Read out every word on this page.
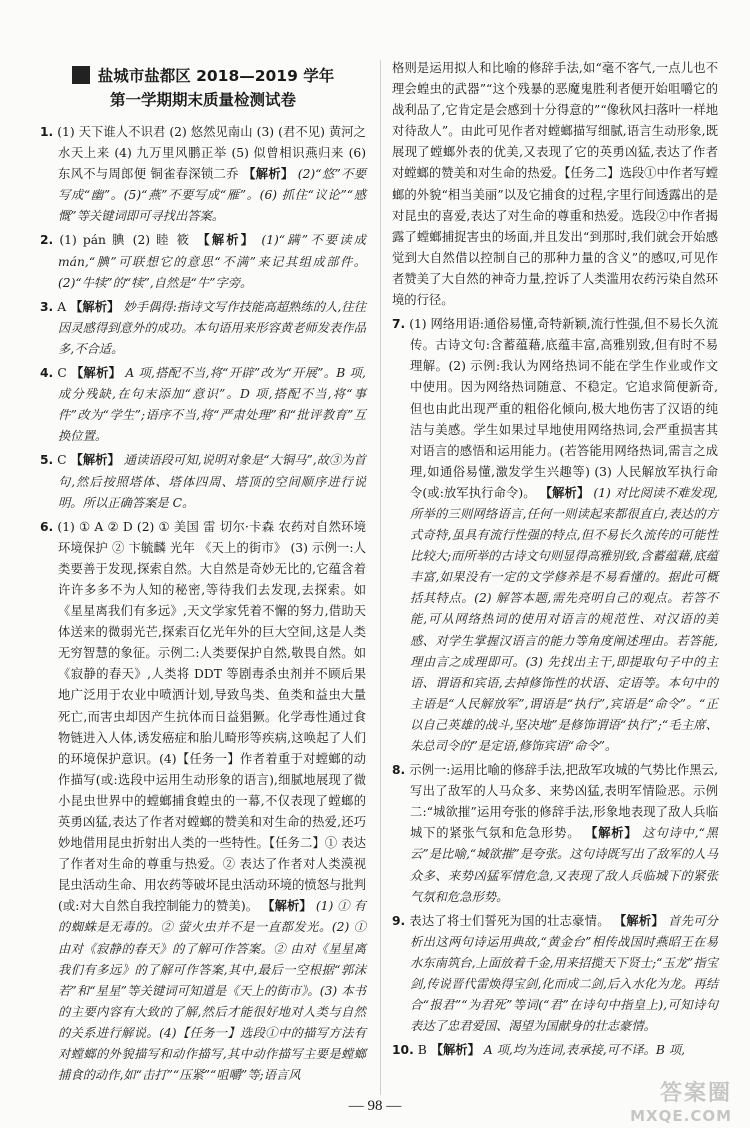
盐城市盐都区 2018—2019 学年
第一学期期末质量检测试卷
1. (1) 天下谁人不识君 (2) 悠然见南山 (3) (君不见) 黄河之水天上来 (4) 九万里风鹏正举 (5) 似曾相识燕归来 (6) 东风不与周郎便 铜雀春深锁二乔 【解析】 (2)“悠”不要写成“幽”。(5)“燕”不要写成“雁”。(6) 抓住“议论”“感慨”等关键词即可寻找出答案。
2. (1) pán 腆 (2) 睦 筱 【解析】 (1)“蹒”不要读成 mán,“腆”可联想它的意思“不满”来记其组成部件。(2)“牛犊”的“犊”,自然是“牛”字旁。
3. A 【解析】 妙手偶得:指诗文写作技能高超熟练的人,往往因灵感得到意外的成功。本句语用来形容黄老师发表作品多,不合适。
4. C 【解析】 A 项,搭配不当,将“开辟”改为“开展”。B 项,成分残缺,在句末添加“意识”。D 项,搭配不当,将“事件”改为“学生”;语序不当,将“严肃处理”和“批评教育”互换位置。
5. C 【解析】 通读语段可知,说明对象是“大铜马”,故③为首句,然后按照塔体、塔体四周、塔顶的空间顺序进行说明。所以正确答案是 C。
6. (1) ① A ② D (2) ① 美国 雷 切尔·卡森 农药对自然环境 环境保护 ② 卞毓麟 光年 《天上的街市》 (3) 示例一:人类要善于发现,探索自然。大自然是奇妙无比的,它蕴含着许许多多不为人知的秘密,等待我们去发现,去探索。如《星星离我们有多远》,天文学家凭着不懈的努力,借助天体送来的微弱光芒,探索百亿光年外的巨大空间,这是人类无穷智慧的象征。示例二:人类要保护自然,敬畏自然。如《寂静的春天》,人类将 DDT 等剧毒杀虫剂并不顾后果地广泛用于农业中喷洒计划,导致鸟类、鱼类和益虫大量死亡,而害虫却因产生抗体而日益猖獗。化学毒性通过食物链进入人体,诱发癌症和胎儿畸形等疾病,这唤起了人们的环境保护意识。(4)【任务一】作者着重于对螳螂的动作描写(或:选段中运用生动形象的语言),细腻地展现了微小昆虫世界中的螳螂捕食蝗虫的一幕,不仅表现了螳螂的英勇凶猛,表达了作者对螳螂的赞美和对生命的热爱,还巧妙地借用昆虫折射出人类的一些特性。【任务二】① 表达了作者对生命的尊重与热爱。② 表达了作者对人类漠视昆虫活动生命、用农药等破坏昆虫活动环境的愤怒与批判(或:对大自然自我控制能力的赞美)。 【解析】 (1) ① 有的蜘蛛是无毒的。② 萤火虫并不是一直都发光。(2) ① 由对《寂静的春天》的了解可作答案。② 由对《星星离我们有多远》的了解可作答案,其中,最后一空根据“郭沫若”和“星星”等关键词可知道是《天上的街市》。(3) 本书的主要内容有大致的了解,然后才能很好地对人类与自然的关系进行解说。(4)【任务一】选段①中的描写方法有对螳螂的外貌描写和动作描写,其中动作描写主要是螳螂捕食的动作,如“击打”“压紧”“咀嚼”等;语言风
格则是运用拟人和比喻的修辞手法,如“毫不客气,一点儿也不理会蝗虫的武器”“这个残暴的恶魔鬼胜利者便开始咀嚼它的战利品了,它肯定是会感到十分得意的”“像秋风扫落叶一样地对待敌人”。由此可见作者对螳螂描写细腻,语言生动形象,既展现了螳螂外表的优美,又表现了它的英勇凶猛,表达了作者对螳螂的赞美和对生命的热爱。【任务二】选段①中作者写螳螂的外貌“相当美丽”以及它捕食的过程,字里行间透露出的是对昆虫的喜爱,表达了对生命的尊重和热爱。选段②中作者揭露了螳螂捕捉害虫的场面,并且发出“到那时,我们就会开始感觉到大自然借以控制自己的那种力量的含义”的感叹,可见作者赞美了大自然的神奇力量,控诉了人类滥用农药污染自然环境的行径。
7. (1) 网络用语:通俗易懂,奇特新颖,流行性强,但不易长久流传。古诗文句:含蓄蕴藉,底蕴丰富,高雅别致,但有时不易理解。(2) 示例:我认为网络热词不能在学生作业或作文中使用。因为网络热词随意、不稳定。它追求简便新奇,但也由此出现严重的粗俗化倾向,极大地伤害了汉语的纯洁与美感。学生如果过早地使用网络热词,会严重损害其对语言的感悟和运用能力。(若答能用网络热词,需言之成理,如通俗易懂,激发学生兴趣等) (3) 人民解放军执行命令(或:放军执行命令)。 【解析】 (1) 对比阅读不难发现,所举的三则网络语言,任何一则读起来都很直白,表达的方式奇特,虽具有流行性强的特点,但不易长久流传的可能性比较大;而所举的古诗文句则显得高雅别致,含蓄蕴藉,底蕴丰富,如果没有一定的文学修养是不易看懂的。据此可概括其特点。(2) 解答本题,需先亮明自己的观点。若答不能,可从网络热词的使用对语言的规范性、对汉语的美感、对学生掌握汉语言的能力等角度阐述理由。若答能,理由言之成理即可。(3) 先找出主干,即提取句子中的主语、谓语和宾语,去掉修饰性的状语、定语等。本句中的主语是“人民解放军”,谓语是“执行”,宾语是“命令”。“正以自己英雄的战斗,坚决地”是修饰谓语“执行”;“毛主席、朱总司令的”是定语,修饰宾语“命令”。
8. 示例一:运用比喻的修辞手法,把敌军攻城的气势比作黑云,写出了敌军的人马众多、来势凶猛,表明军情险恶。示例二:“城欲摧”运用夸张的修辞手法,形象地表现了敌人兵临城下的紧张气氛和危急形势。 【解析】 这句诗中,“黑云”是比喻,“城欲摧”是夸张。这句诗既写出了敌军的人马众多、来势凶猛军情危急,又表现了敌人兵临城下的紧张气氛和危急形势。
9. 表达了将士们誓死为国的壮志豪情。 【解析】 首先可分析出这两句诗运用典故,“黄金台”相传战国时燕昭王在易水东南筑台,上面放着千金,用来招揽天下贤士;“玉龙”指宝剑,传说晋代雷焕得宝剑,化而成二剑,后入水化为龙。再结合“报君”“为君死”等词(“君”在诗句中指皇上),可知诗句表达了忠君爱国、渴望为国献身的壮志豪情。
10. B 【解析】 A 项,均为连词,表承接,可不译。B 项,
— 98 —	答案圈
MXQE.COM
